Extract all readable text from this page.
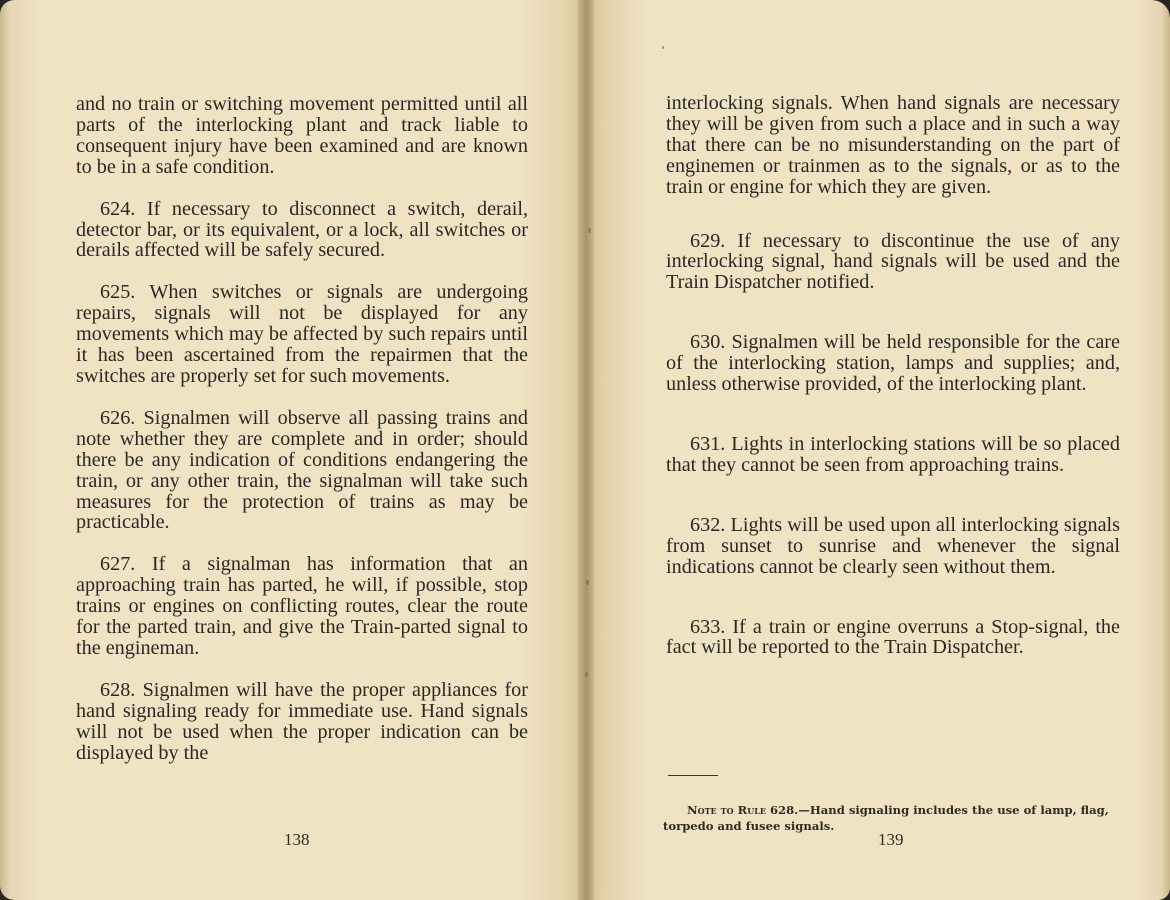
and no train or switching movement permitted until all parts of the interlocking plant and track liable to consequent injury have been examined and are known to be in a safe condition.

624. If necessary to disconnect a switch, derail, detector bar, or its equivalent, or a lock, all switches or derails affected will be safely secured.

625. When switches or signals are undergoing repairs, signals will not be displayed for any movements which may be affected by such repairs until it has been ascertained from the repairmen that the switches are properly set for such movements.

626. Signalmen will observe all passing trains and note whether they are complete and in order; should there be any indication of conditions endangering the train, or any other train, the signalman will take such measures for the protection of trains as may be practicable.

627. If a signalman has information that an approaching train has parted, he will, if possible, stop trains or engines on conflicting routes, clear the route for the parted train, and give the Train-parted signal to the engineman.

628. Signalmen will have the proper appliances for hand signaling ready for immediate use. Hand signals will not be used when the proper indication can be displayed by the

138

interlocking signals. When hand signals are necessary they will be given from such a place and in such a way that there can be no misunderstanding on the part of enginemen or trainmen as to the signals, or as to the train or engine for which they are given.

629. If necessary to discontinue the use of any interlocking signal, hand signals will be used and the Train Dispatcher notified.

630. Signalmen will be held responsible for the care of the interlocking station, lamps and supplies; and, unless otherwise provided, of the interlocking plant.

631. Lights in interlocking stations will be so placed that they cannot be seen from approaching trains.

632. Lights will be used upon all interlocking signals from sunset to sunrise and whenever the signal indications cannot be clearly seen without them.

633. If a train or engine overruns a Stop-signal, the fact will be reported to the Train Dispatcher.

Note to Rule 628.—Hand signaling includes the use of lamp, flag, torpedo and fusee signals.
139
